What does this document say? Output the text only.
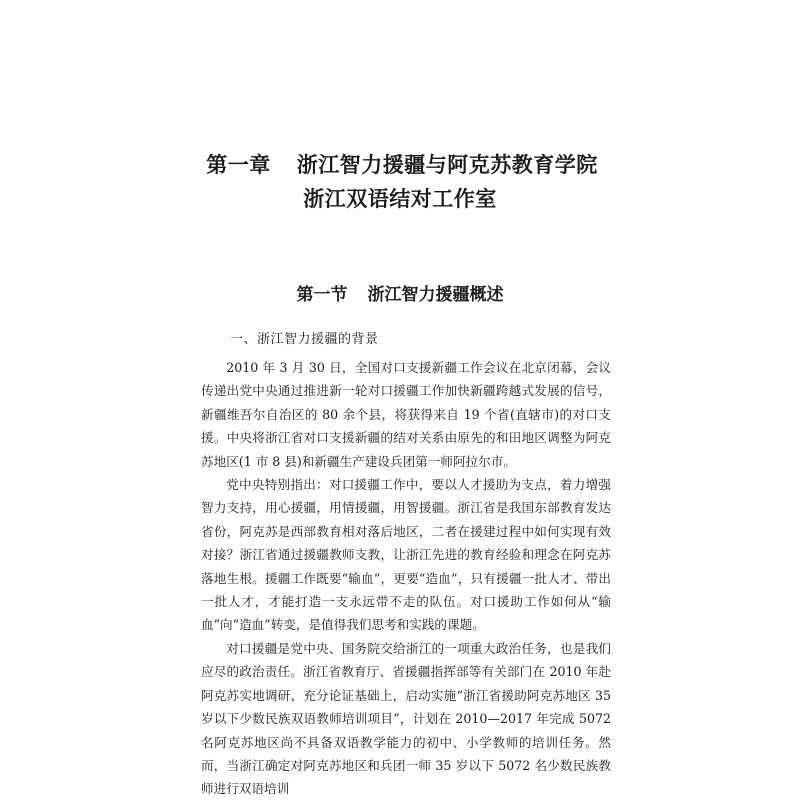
第一章 浙江智力援疆与阿克苏教育学院
浙江双语结对工作室
第一节 浙江智力援疆概述
一、浙江智力援疆的背景

2010 年 3 月 30 日，全国对口支援新疆工作会议在北京闭幕，会议传递出党中央通过推进新一轮对口援疆工作加快新疆跨越式发展的信号，新疆维吾尔自治区的 80 余个县，将获得来自 19 个省(直辖市)的对口支援。中央将浙江省对口支援新疆的结对关系由原先的和田地区调整为阿克苏地区(1 市 8 县)和新疆生产建设兵团第一师阿拉尔市。

党中央特别指出：对口援疆工作中，要以人才援助为支点，着力增强智力支持，用心援疆，用情援疆，用智援疆。浙江省是我国东部教育发达省份，阿克苏是西部教育相对落后地区，二者在援建过程中如何实现有效对接？浙江省通过援疆教师支教，让浙江先进的教育经验和理念在阿克苏落地生根。援疆工作既要“输血”，更要“造血”，只有援疆一批人才、带出一批人才，才能打造一支永远带不走的队伍。对口援助工作如何从“输血”向“造血”转变，是值得我们思考和实践的课题。

对口援疆是党中央、国务院交给浙江的一项重大政治任务，也是我们应尽的政治责任。浙江省教育厅、省援疆指挥部等有关部门在 2010 年赴阿克苏实地调研、充分论证基础上，启动实施“浙江省援助阿克苏地区 35 岁以下少数民族双语教师培训项目”，计划在 2010—2017 年完成 5072 名阿克苏地区尚不具备双语教学能力的初中、小学教师的培训任务。然而，当浙江确定对阿克苏地区和兵团一师 35 岁以下 5072 名少数民族教师进行双语培训
